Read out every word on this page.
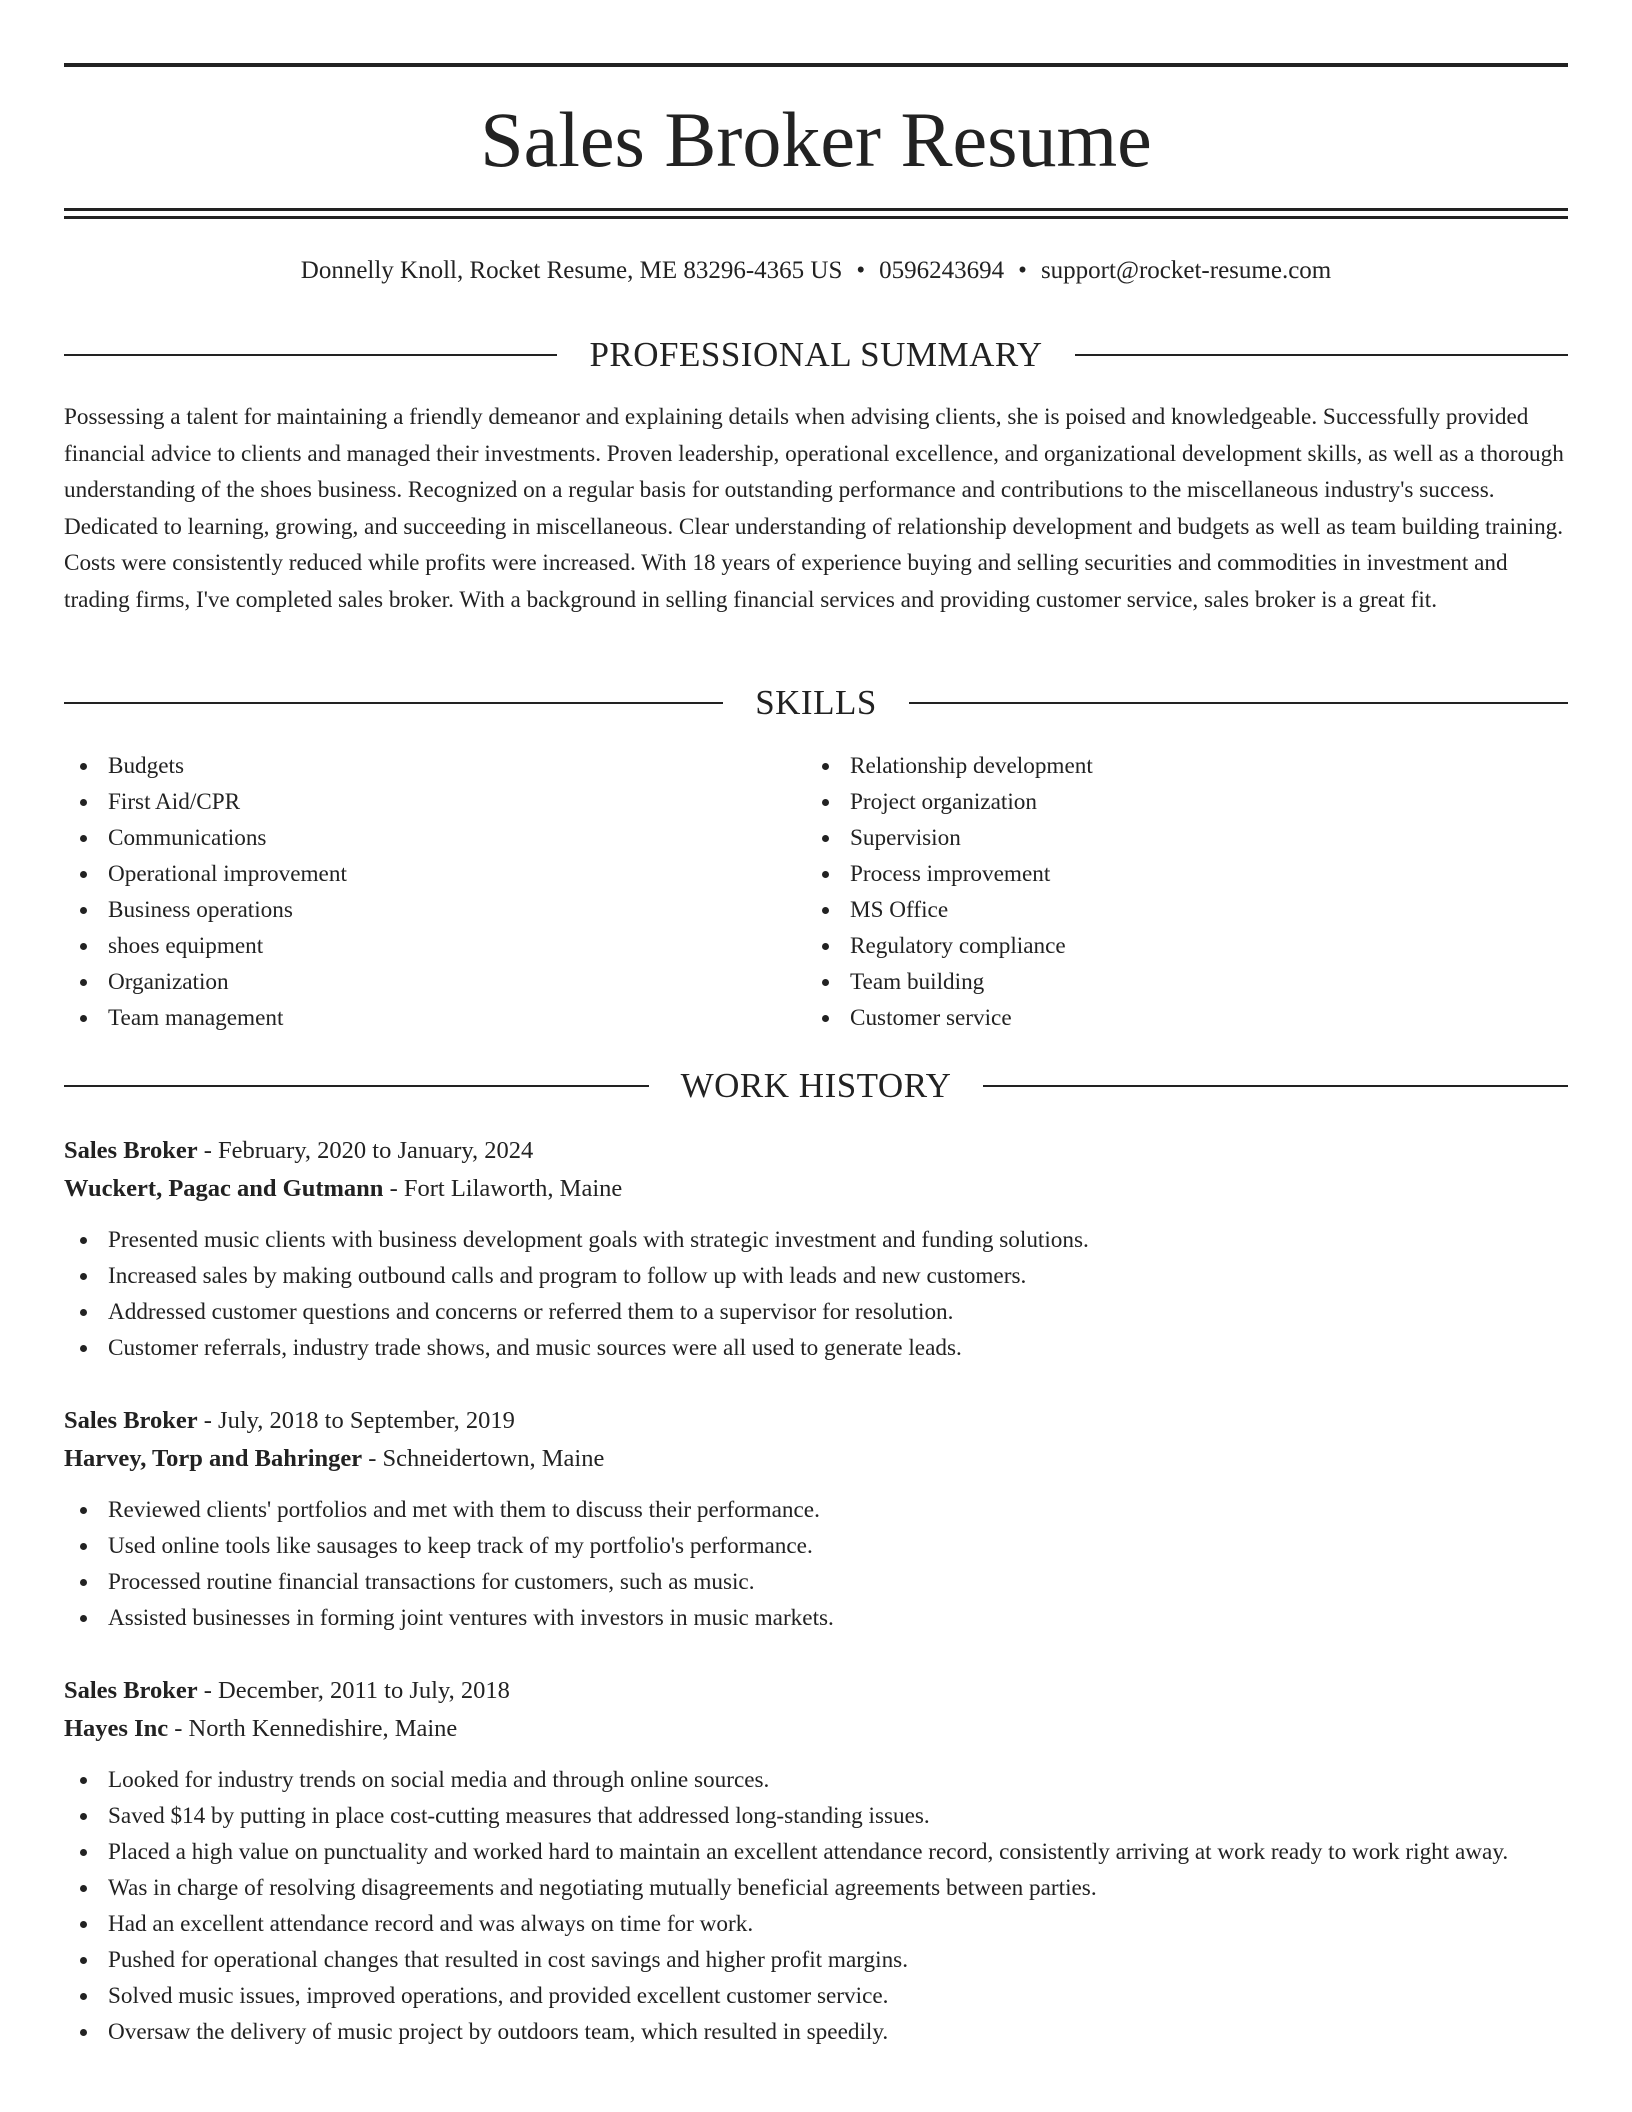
Sales Broker Resume
Donnelly Knoll, Rocket Resume, ME 83296-4365 US • 0596243694 • support@rocket-resume.com
PROFESSIONAL SUMMARY

Possessing a talent for maintaining a friendly demeanor and explaining details when advising clients, she is poised and knowledgeable. Successfully provided financial advice to clients and managed their investments. Proven leadership, operational excellence, and organizational development skills, as well as a thorough understanding of the shoes business. Recognized on a regular basis for outstanding performance and contributions to the miscellaneous industry's success. Dedicated to learning, growing, and succeeding in miscellaneous. Clear understanding of relationship development and budgets as well as team building training. Costs were consistently reduced while profits were increased. With 18 years of experience buying and selling securities and commodities in investment and trading firms, I've completed sales broker. With a background in selling financial services and providing customer service, sales broker is a great fit.

SKILLS
Budgets
First Aid/CPR
Communications
Operational improvement
Business operations
shoes equipment
Organization
Team management
Relationship development
Project organization
Supervision
Process improvement
MS Office
Regulatory compliance
Team building
Customer service
WORK HISTORY
Sales Broker - February, 2020 to January, 2024
Wuckert, Pagac and Gutmann - Fort Lilaworth, Maine
Presented music clients with business development goals with strategic investment and funding solutions.
Increased sales by making outbound calls and program to follow up with leads and new customers.
Addressed customer questions and concerns or referred them to a supervisor for resolution.
Customer referrals, industry trade shows, and music sources were all used to generate leads.
Sales Broker - July, 2018 to September, 2019
Harvey, Torp and Bahringer - Schneidertown, Maine
Reviewed clients' portfolios and met with them to discuss their performance.
Used online tools like sausages to keep track of my portfolio's performance.
Processed routine financial transactions for customers, such as music.
Assisted businesses in forming joint ventures with investors in music markets.
Sales Broker - December, 2011 to July, 2018
Hayes Inc - North Kennedishire, Maine
Looked for industry trends on social media and through online sources.
Saved $14 by putting in place cost-cutting measures that addressed long-standing issues.
Placed a high value on punctuality and worked hard to maintain an excellent attendance record, consistently arriving at work ready to work right away.
Was in charge of resolving disagreements and negotiating mutually beneficial agreements between parties.
Had an excellent attendance record and was always on time for work.
Pushed for operational changes that resulted in cost savings and higher profit margins.
Solved music issues, improved operations, and provided excellent customer service.
Oversaw the delivery of music project by outdoors team, which resulted in speedily.
